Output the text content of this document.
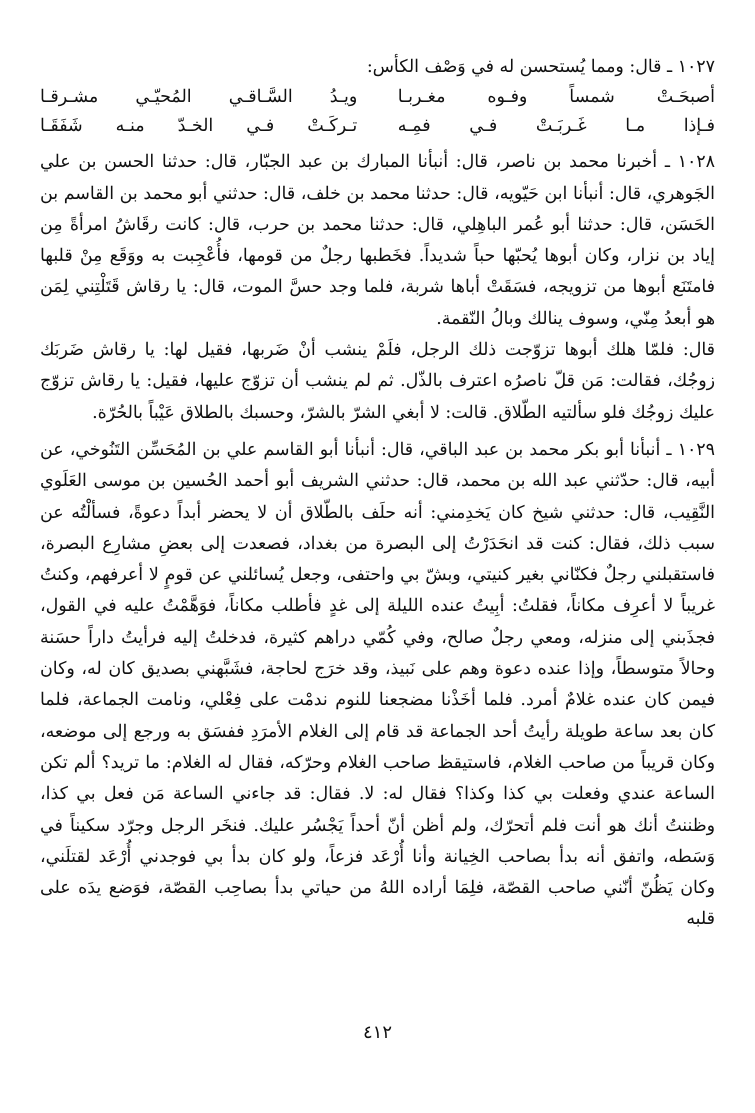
١٠٢٧ ـ قال: ومما يُستحسن له في وَصْف الكأس:

أصبحَـتْ شمساً وفـوه مغـربـا
ويـدُ السَّـاقـي المُحيّـي مشـرقـا
فـإذا مـا غَـربَـتْ فـي فمِـه
تـركَـتْ فـي الخـدّ منـه شَفَقَـا

١٠٢٨ ـ أخبرنا محمد بن ناصر، قال: أنبأنا المبارك بن عبد الجبّار، قال: حدثنا الحسن بن علي الجَوهري، قال: أنبأنا ابن حَيّويه، قال: حدثنا محمد بن خلف، قال: حدثني أبو محمد بن القاسم بن الحَسَن، قال: حدثنا أبو عُمر الباهِلي، قال: حدثنا محمد بن حرب، قال: كانت رقَاشُ امرأةً مِن إياد بن نزار، وكان أبوها يُحبّها حباً شديداً. فخَطبها رجلٌ من قومها، فأُعْجِبت به ووَقَع مِنْ قلبها فامتَنَع أبوها من تزويجه، فسَقَتْ أباها شربة، فلما وجد حسَّ الموت، قال: يا رقاش قَتَلْتِني لِمَن هو أبعدُ مِنّي، وسوف ينالك وبالُ النّقمة.

قال: فلمّا هلك أبوها تزوّجت ذلك الرجل، فلَمْ ينشب أنْ ضَربها، فقيل لها: يا رقاش ضَربَك زوجُك، فقالت: مَن قلّ ناصرُه اعترف بالذّل. ثم لم ينشب أن تزوّج عليها، فقيل: يا رقاش تزوّج عليك زوجُك فلو سألتيه الطّلاق. قالت: لا أبغي الشرّ بالشرّ، وحسبك بالطلاق عَيْباً بالحُرّة.

١٠٢٩ ـ أنبأنا أبو بكر محمد بن عبد الباقي، قال: أنبأنا أبو القاسم علي بن المُحَسِّن التَنُوخي، عن أبيه، قال: حدّثني عبد الله بن محمد، قال: حدثني الشريف أبو أحمد الحُسين بن موسى العَلَوي النَّقِيب، قال: حدثني شيخ كان يَخدِمني: أنه حلَف بالطّلاق أن لا يحضر أبداً دعوةً، فسألْتُه عن سبب ذلك، فقال: كنت قد انحَدَرْتُ إلى البصرة من بغداد، فصعدت إلى بعضِ مشارِع البصرة، فاستقبلني رجلٌ فكنّاني بغير كنيتي، وبشّ بي واحتفى، وجعل يُسائلني عن قومٍ لا أعرفهم، وكنتُ غريباً لا أعرِف مكاناً، فقلتُ: أبِيتُ عنده الليلة إلى غدٍ فأطلب مكاناً، فوَهَّمْتُ عليه في القول، فجذَبني إلى منزله، ومعي رجلٌ صالح، وفي كُمّي دراهم كثيرة، فدخلتُ إليه فرأيتُ داراً حسَنة وحالاً متوسطاً، وإذا عنده دعوة وهم على نَبيذ، وقد خرَج لحاجة، فشَبَّهني بصديق كان له، وكان فيمن كان عنده غلامٌ أمرد. فلما أخَذْنا مضجعنا للنوم ندمْت على فِعْلي، ونامت الجماعة، فلما كان بعد ساعة طويلة رأيتُ أحد الجماعة قد قام إلى الغلام الأمرَدِ ففسَق به ورجع إلى موضعه، وكان قريباً من صاحب الغلام، فاستيقظ صاحب الغلام وحرّكه، فقال له الغلام: ما تريد؟ ألم تكن الساعة عندي وفعلت بي كذا وكذا؟ فقال له: لا. فقال: قد جاءني الساعة مَن فعل بي كذا، وظننتُ أنك هو أنت فلم أتحرّك، ولم أظن أنّ أحداً يَجْسُر عليك. فنخَر الرجل وجرّد سكيناً في وَسَطه، واتفق أنه بدأ بصاحب الخِيانة وأنا أُرْعَد فزعاً، ولو كان بدأ بي فوجدني أُرْعَد لقتلَني، وكان يَظُنّ أنّني صاحب القصّة، فلِمَا أراده اللهُ من حياتي بدأ بصاحِب القصّة، فوَضع يدَه على قلبه

٤١٢
